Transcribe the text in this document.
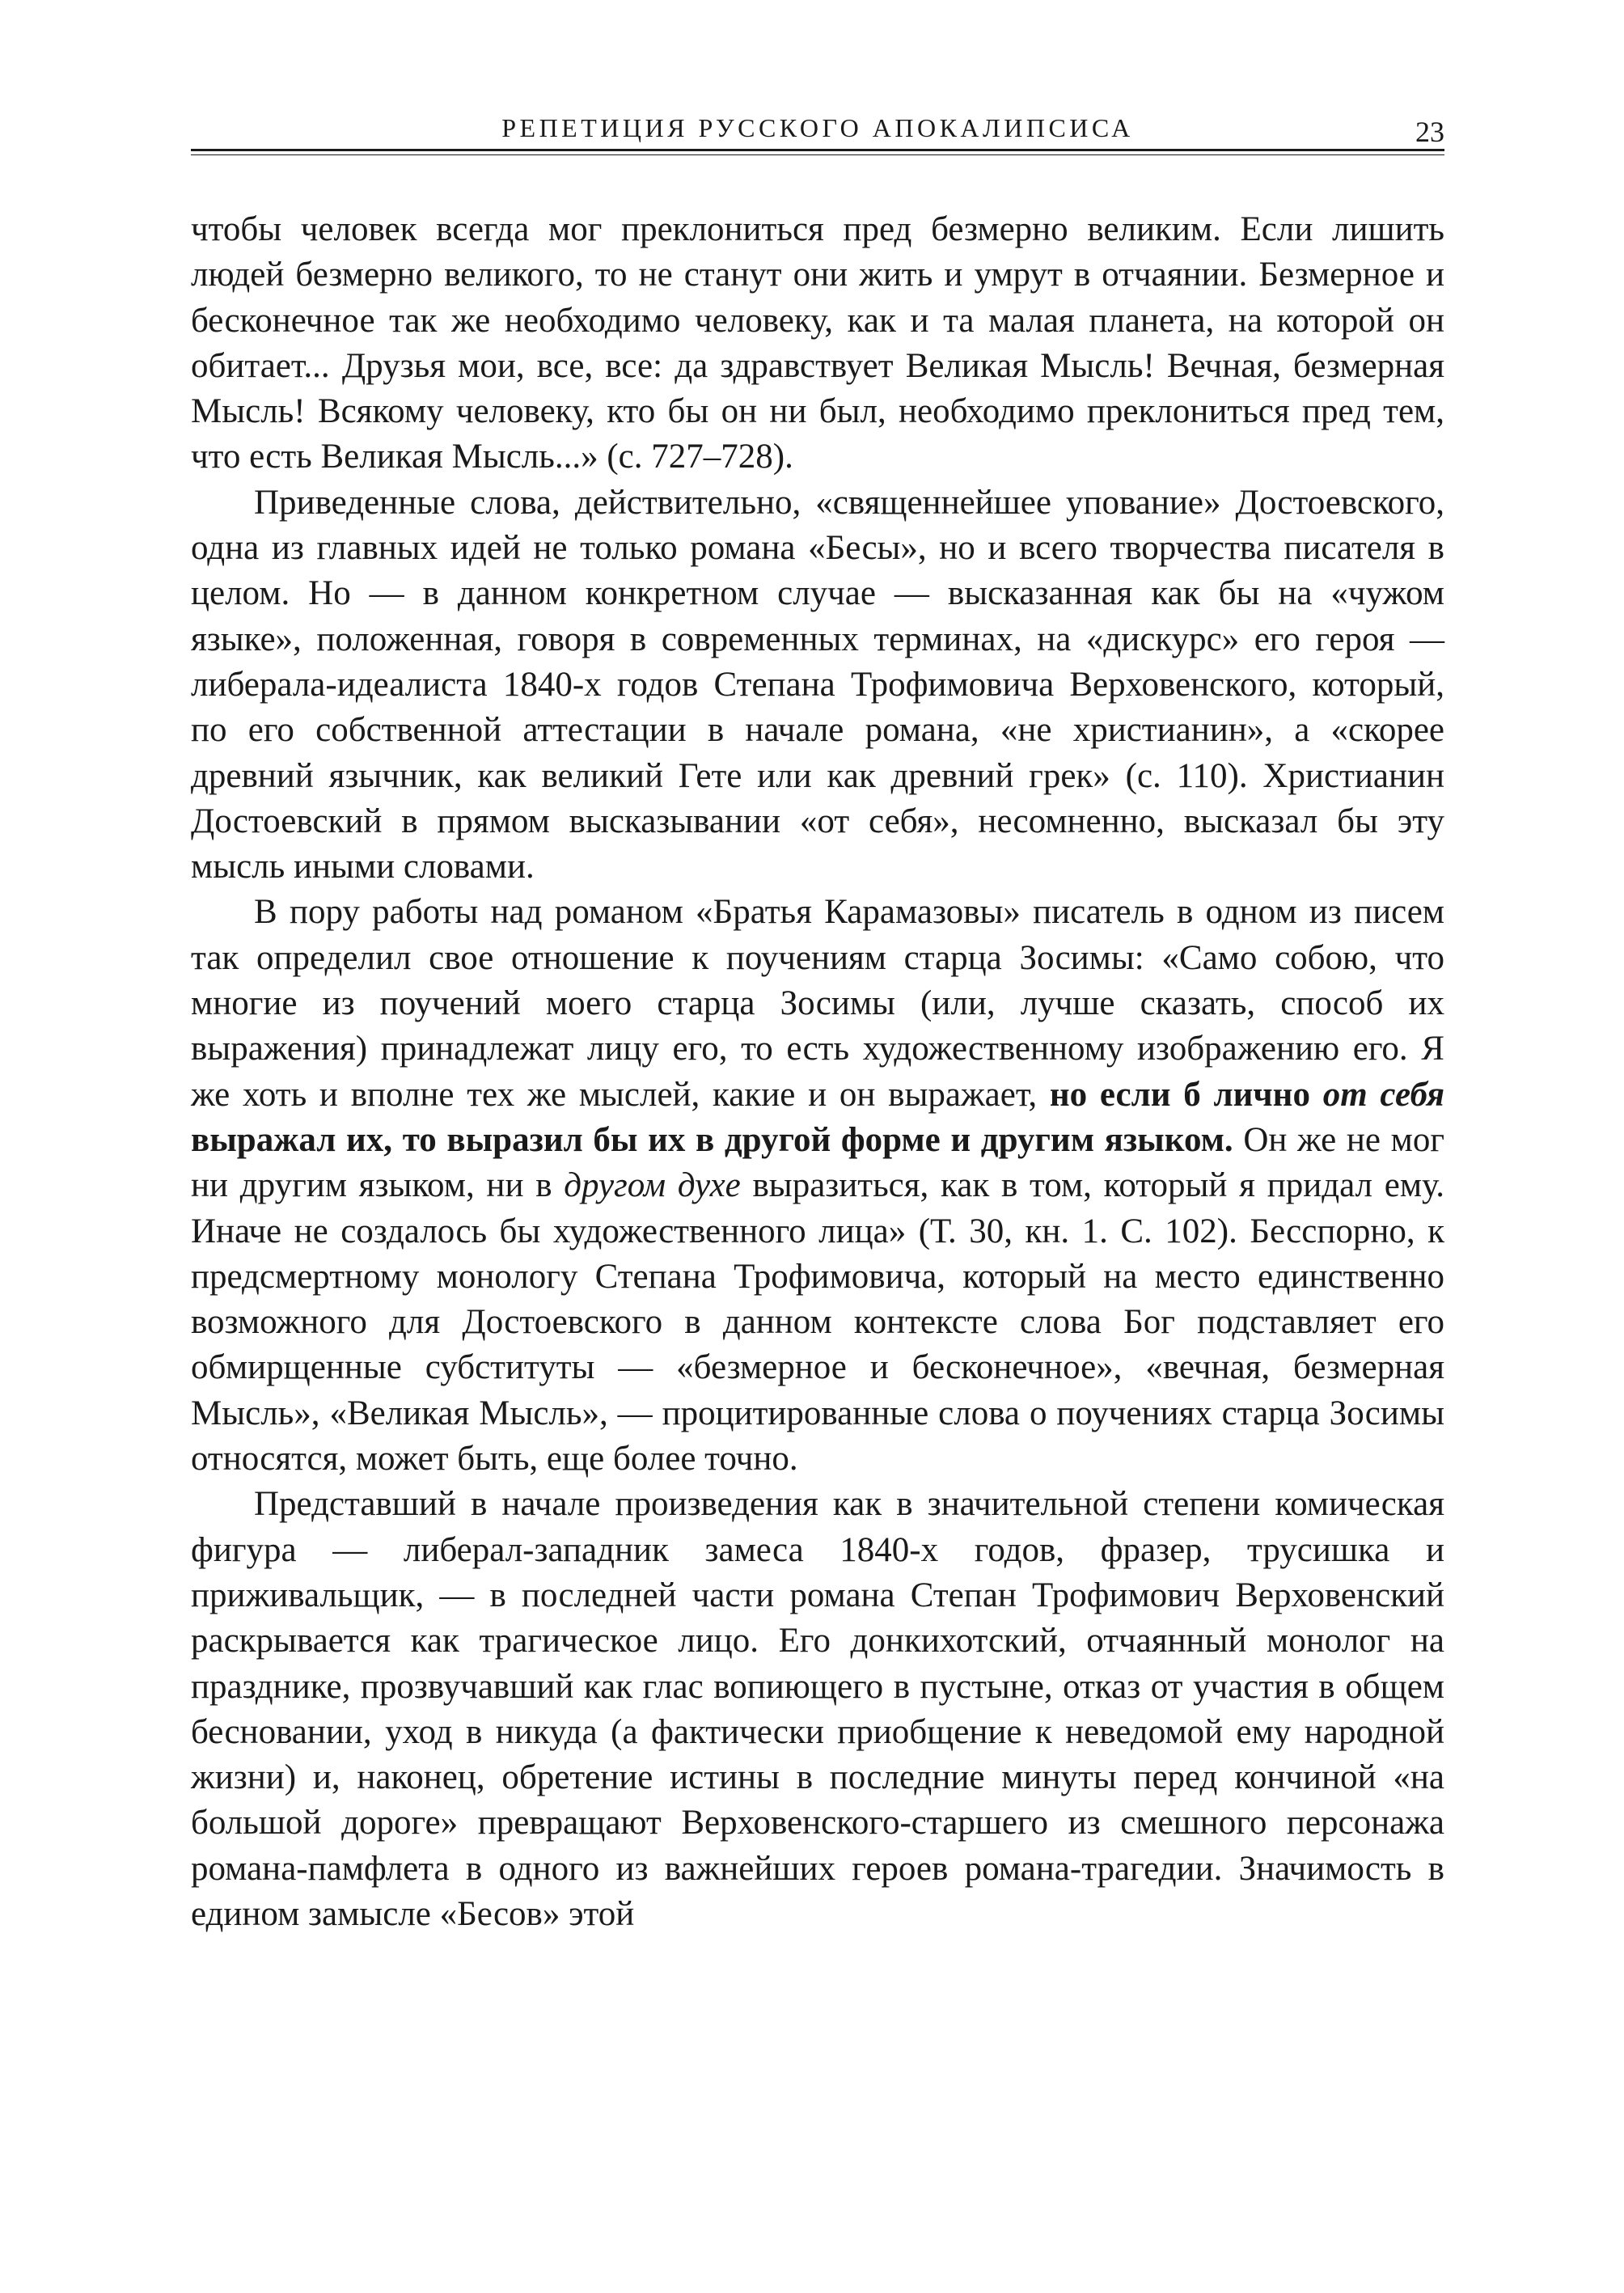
РЕПЕТИЦИЯ РУССКОГО АПОКАЛИПСИСА	23

чтобы человек всегда мог преклониться пред безмерно великим. Если лишить людей безмерно великого, то не станут они жить и умрут в отчаянии. Безмерное и бесконечное так же необходимо человеку, как и та малая планета, на которой он обитает... Друзья мои, все, все: да здравствует Великая Мысль! Вечная, безмерная Мысль! Всякому человеку, кто бы он ни был, необходимо преклониться пред тем, что есть Великая Мысль...» (с. 727–728).

Приведенные слова, действительно, «священнейшее упование» Достоевского, одна из главных идей не только романа «Бесы», но и всего творчества писателя в целом. Но — в данном конкретном случае — высказанная как бы на «чужом языке», положенная, говоря в современных терминах, на «дискурс» его героя — либерала-идеалиста 1840-х годов Степана Трофимовича Верховенского, который, по его собственной аттестации в начале романа, «не христианин», а «скорее древний язычник, как великий Гете или как древний грек» (с. 110). Христианин Достоевский в прямом высказывании «от себя», несомненно, высказал бы эту мысль иными словами.

В пору работы над романом «Братья Карамазовы» писатель в одном из писем так определил свое отношение к поучениям старца Зосимы: «Само собою, что многие из поучений моего старца Зосимы (или, лучше сказать, способ их выражения) принадлежат лицу его, то есть художественному изображению его. Я же хоть и вполне тех же мыслей, какие и он выражает, но если б лично от себя выражал их, то выразил бы их в другой форме и другим языком. Он же не мог ни другим языком, ни в другом духе выразиться, как в том, который я придал ему. Иначе не создалось бы художественного лица» (Т. 30, кн. 1. С. 102). Бесспорно, к предсмертному монологу Степана Трофимовича, который на место единственно возможного для Достоевского в данном контексте слова Бог подставляет его обмирщенные субституты — «безмерное и бесконечное», «вечная, безмерная Мысль», «Великая Мысль», — процитированные слова о поучениях старца Зосимы относятся, может быть, еще более точно.

Представший в начале произведения как в значительной степени комическая фигура — либерал-западник замеса 1840-х годов, фразер, трусишка и приживальщик, — в последней части романа Степан Трофимович Верховенский раскрывается как трагическое лицо. Его донкихотский, отчаянный монолог на празднике, прозвучавший как глас вопиющего в пустыне, отказ от участия в общем бесновании, уход в никуда (а фактически приобщение к неведомой ему народной жизни) и, наконец, обретение истины в последние минуты перед кончиной «на большой дороге» превращают Верховенского-старшего из смешного персонажа романа-памфлета в одного из важнейших героев романа-трагедии. Значимость в едином замысле «Бесов» этой
